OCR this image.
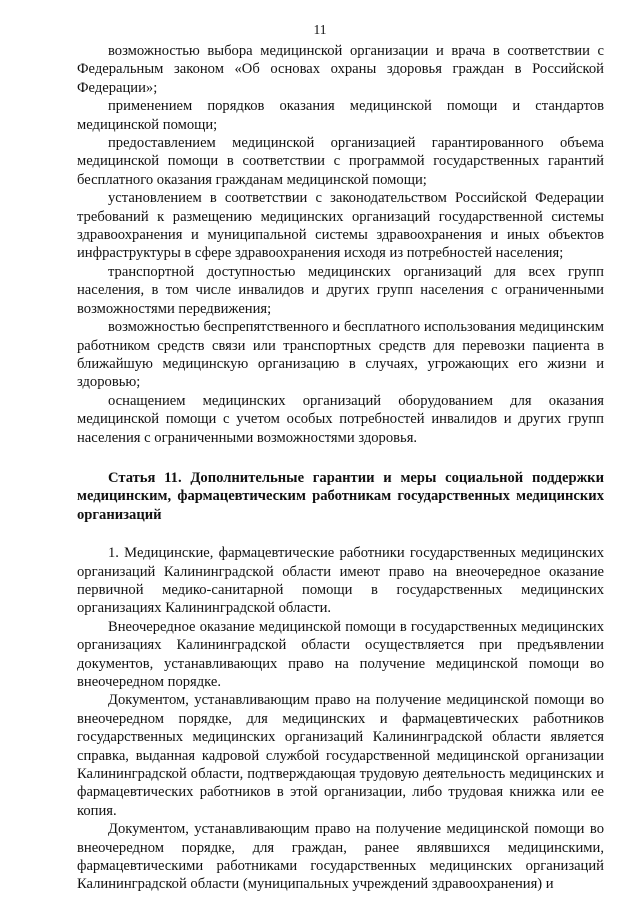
11

возможностью выбора медицинской организации и врача в соответствии с Федеральным законом «Об основах охраны здоровья граждан в Российской Федерации»;

применением порядков оказания медицинской помощи и стандартов медицинской помощи;

предоставлением медицинской организацией гарантированного объема медицинской помощи в соответствии с программой государственных гарантий бесплатного оказания гражданам медицинской помощи;

установлением в соответствии с законодательством Российской Федерации требований к размещению медицинских организаций государственной системы здравоохранения и муниципальной системы здравоохранения и иных объектов инфраструктуры в сфере здравоохранения исходя из потребностей населения;

транспортной доступностью медицинских организаций для всех групп населения, в том числе инвалидов и других групп населения с ограниченными возможностями передвижения;

возможностью беспрепятственного и бесплатного использования медицинским работником средств связи или транспортных средств для перевозки пациента в ближайшую медицинскую организацию в случаях, угрожающих его жизни и здоровью;

оснащением медицинских организаций оборудованием для оказания медицинской помощи с учетом особых потребностей инвалидов и других групп населения с ограниченными возможностями здоровья.

Статья 11. Дополнительные гарантии и меры социальной поддержки медицинским, фармацевтическим работникам государственных медицинских организаций

1. Медицинские, фармацевтические работники государственных медицинских организаций Калининградской области имеют право на внеочередное оказание первичной медико-санитарной помощи в государственных медицинских организациях Калининградской области.

Внеочередное оказание медицинской помощи в государственных медицинских организациях Калининградской области осуществляется при предъявлении документов, устанавливающих право на получение медицинской помощи во внеочередном порядке.

Документом, устанавливающим право на получение медицинской помощи во внеочередном порядке, для медицинских и фармацевтических работников государственных медицинских организаций Калининградской области является справка, выданная кадровой службой государственной медицинской организации Калининградской области, подтверждающая трудовую деятельность медицинских и фармацевтических работников в этой организации, либо трудовая книжка или ее копия.

Документом, устанавливающим право на получение медицинской помощи во внеочередном порядке, для граждан, ранее являвшихся медицинскими, фармацевтическими работниками государственных медицинских организаций Калининградской области (муниципальных учреждений здравоохранения) и
